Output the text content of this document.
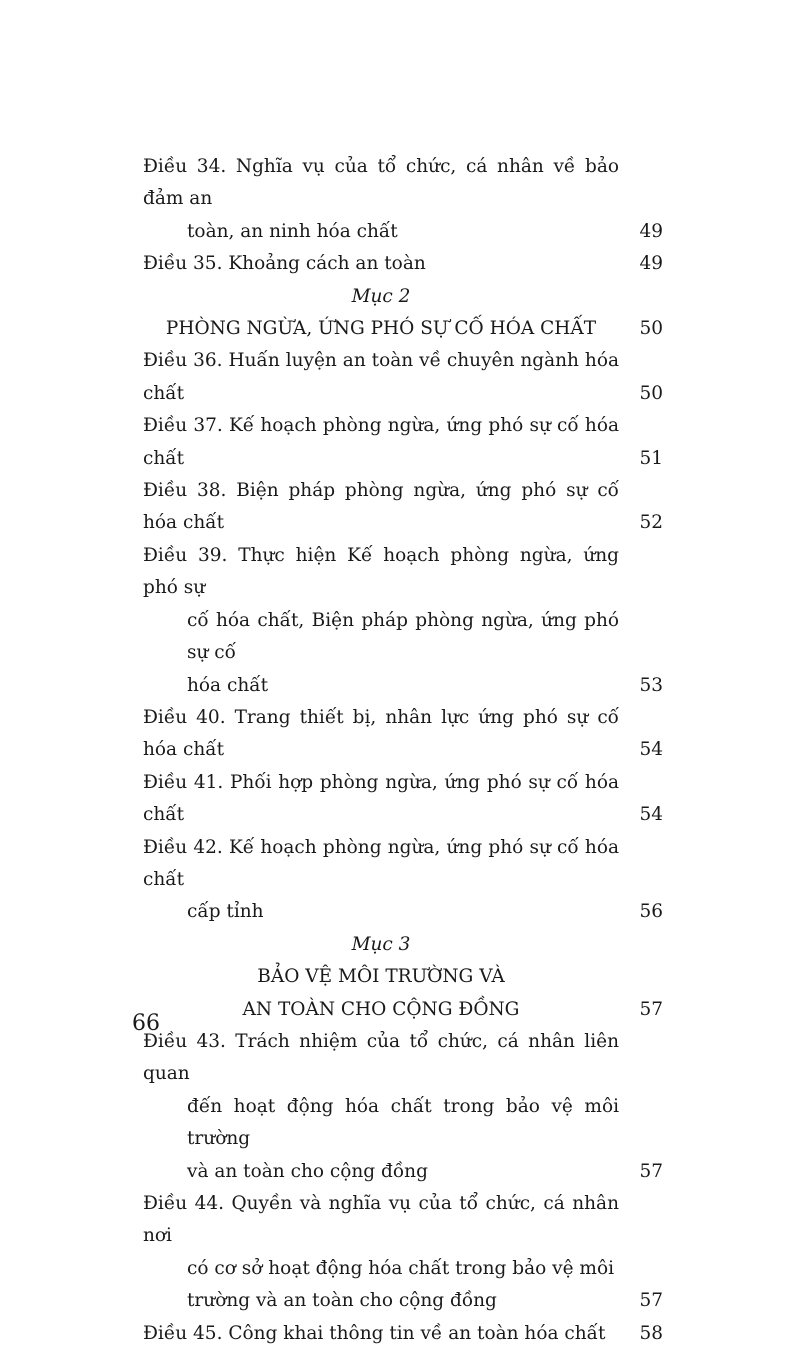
Điều 34. Nghĩa vụ của tổ chức, cá nhân về bảo đảm an
toàn, an ninh hóa chất	49
Điều 35. Khoảng cách an toàn	49
Mục 2
PHÒNG NGỪA, ỨNG PHÓ SỰ CỐ HÓA CHẤT	50
Điều 36. Huấn luyện an toàn về chuyên ngành hóa chất	50
Điều 37. Kế hoạch phòng ngừa, ứng phó sự cố hóa chất	51
Điều 38. Biện pháp phòng ngừa, ứng phó sự cố hóa chất	52
Điều 39. Thực hiện Kế hoạch phòng ngừa, ứng phó sự
cố hóa chất, Biện pháp phòng ngừa, ứng phó sự cố
hóa chất	53
Điều 40. Trang thiết bị, nhân lực ứng phó sự cố hóa chất	54
Điều 41. Phối hợp phòng ngừa, ứng phó sự cố hóa chất	54
Điều 42. Kế hoạch phòng ngừa, ứng phó sự cố hóa chất
cấp tỉnh	56
Mục 3
BẢO VỆ MÔI TRƯỜNG VÀ
AN TOÀN CHO CỘNG ĐỒNG	57
Điều 43. Trách nhiệm của tổ chức, cá nhân liên quan
đến hoạt động hóa chất trong bảo vệ môi trường
và an toàn cho cộng đồng	57
Điều 44. Quyền và nghĩa vụ của tổ chức, cá nhân nơi
có cơ sở hoạt động hóa chất trong bảo vệ môi
trường và an toàn cho cộng đồng	57
Điều 45. Công khai thông tin về an toàn hóa chất	58
66
